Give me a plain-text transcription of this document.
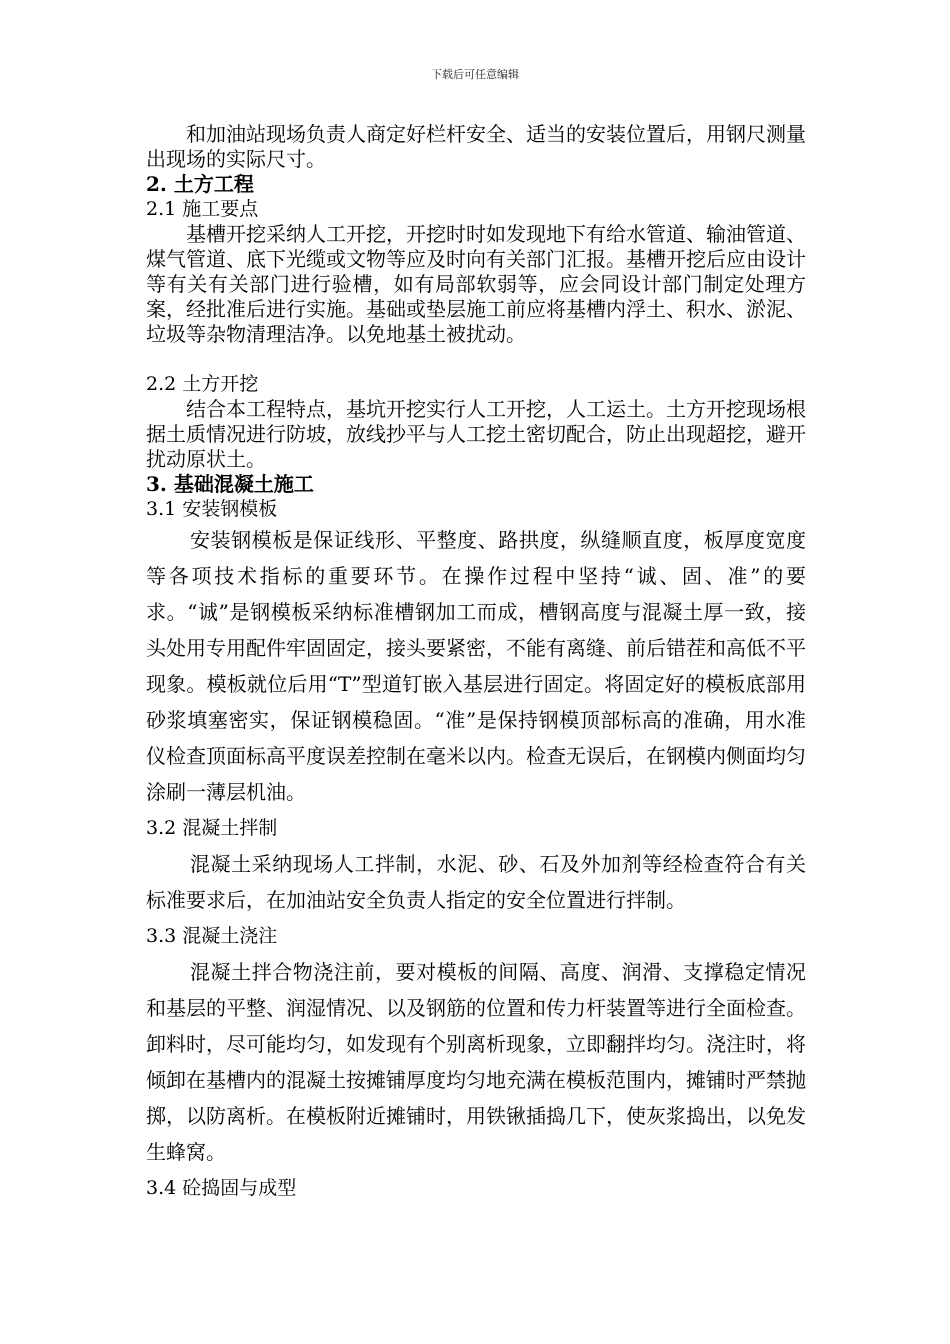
下载后可任意编辑

和加油站现场负责人商定好栏杆安全、适当的安装位置后，用钢尺测量出现场的实际尺寸。

2. 土方工程

2.1 施工要点

基槽开挖采纳人工开挖，开挖时时如发现地下有给水管道、输油管道、煤气管道、底下光缆或文物等应及时向有关部门汇报。基槽开挖后应由设计等有关有关部门进行验槽，如有局部软弱等，应会同设计部门制定处理方案，经批准后进行实施。基础或垫层施工前应将基槽内浮土、积水、淤泥、垃圾等杂物清理洁净。以免地基土被扰动。

2.2 土方开挖

结合本工程特点，基坑开挖实行人工开挖，人工运土。土方开挖现场根据土质情况进行防坡，放线抄平与人工挖土密切配合，防止出现超挖，避开扰动原状土。

3. 基础混凝土施工

3.1 安装钢模板

安装钢模板是保证线形、平整度、路拱度，纵缝顺直度，板厚度宽度等各项技术指标的重要环节。在操作过程中坚持“诚、固、准”的要求。“诚”是钢模板采纳标准槽钢加工而成，槽钢高度与混凝土厚一致，接头处用专用配件牢固固定，接头要紧密，不能有离缝、前后错茬和高低不平现象。模板就位后用“T”型道钉嵌入基层进行固定。将固定好的模板底部用砂浆填塞密实，保证钢模稳固。“准”是保持钢模顶部标高的准确，用水准仪检查顶面标高平度误差控制在毫米以内。检查无误后，在钢模内侧面均匀涂刷一薄层机油。

3.2 混凝土拌制

混凝土采纳现场人工拌制，水泥、砂、石及外加剂等经检查符合有关标准要求后，在加油站安全负责人指定的安全位置进行拌制。

3.3 混凝土浇注

混凝土拌合物浇注前，要对模板的间隔、高度、润滑、支撑稳定情况和基层的平整、润湿情况、以及钢筋的位置和传力杆装置等进行全面检查。卸料时，尽可能均匀，如发现有个别离析现象，立即翻拌均匀。浇注时，将倾卸在基槽内的混凝土按摊铺厚度均匀地充满在模板范围内，摊铺时严禁抛掷，以防离析。在模板附近摊铺时，用铁锹插捣几下，使灰浆捣出，以免发生蜂窝。

3.4 砼捣固与成型
